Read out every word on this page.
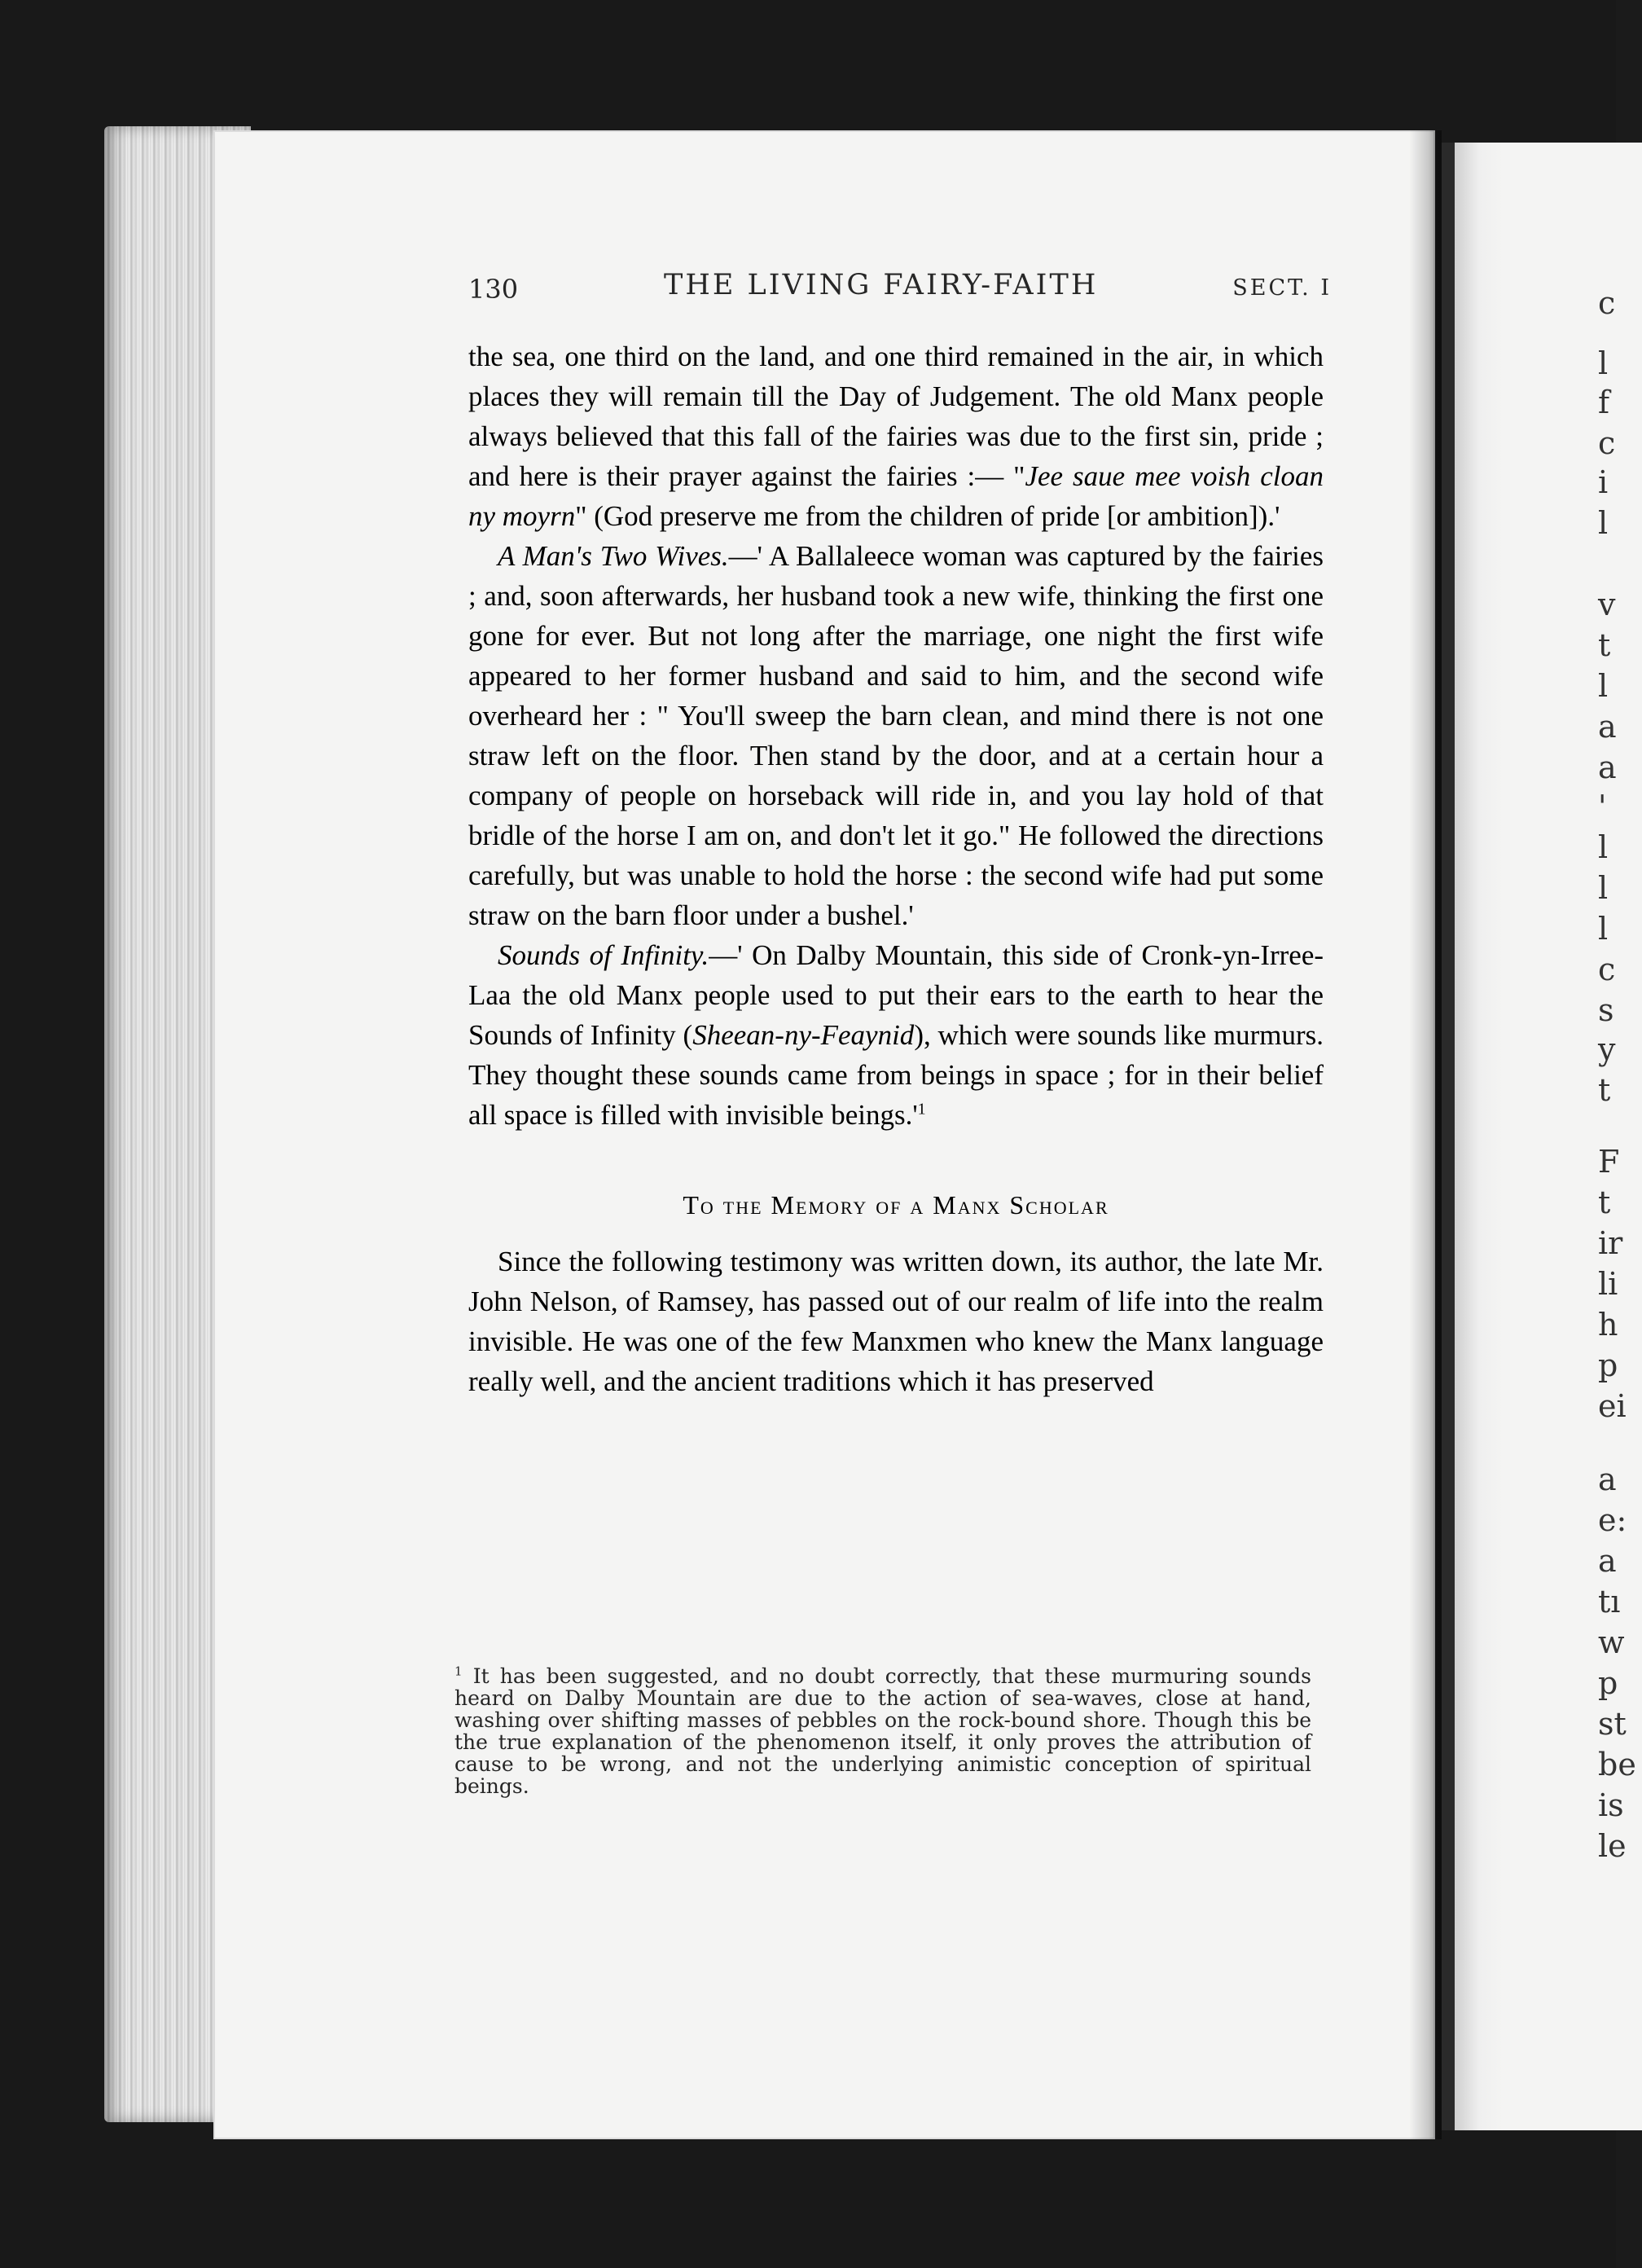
c
l
f
c
i
l
v
t
l
a
a
'
l
l
l
c
s
y
t
F
t
ir
li
h
p
ei
a
e:
a
tı
w
p
st
be
is
le
130	THE LIVING FAIRY-FAITH	SECT. I

the sea, one third on the land, and one third remained in the air, in which places they will remain till the Day of Judgement. The old Manx people always believed that this fall of the fairies was due to the first sin, pride ; and here is their prayer against the fairies :— "Jee saue mee voish cloan ny moyrn" (God preserve me from the children of pride [or ambition]).'

A Man's Two Wives.—' A Ballaleece woman was captured by the fairies ; and, soon afterwards, her husband took a new wife, thinking the first one gone for ever. But not long after the marriage, one night the first wife appeared to her former husband and said to him, and the second wife overheard her : " You'll sweep the barn clean, and mind there is not one straw left on the floor. Then stand by the door, and at a certain hour a company of people on horseback will ride in, and you lay hold of that bridle of the horse I am on, and don't let it go." He followed the directions carefully, but was unable to hold the horse : the second wife had put some straw on the barn floor under a bushel.'

Sounds of Infinity.—' On Dalby Mountain, this side of Cronk-yn-Irree-Laa the old Manx people used to put their ears to the earth to hear the Sounds of Infinity (Sheean-ny-Feaynid), which were sounds like murmurs. They thought these sounds came from beings in space ; for in their belief all space is filled with invisible $beings.'^1$

To the Memory of a Manx Scholar

Since the following testimony was written down, its author, the late Mr. John Nelson, of Ramsey, has passed out of our realm of life into the realm invisible. He was one of the few Manxmen who knew the Manx language really well, and the ancient traditions which it has preserved

$^1$ It has been suggested, and no doubt correctly, that these murmuring sounds heard on Dalby Mountain are due to the action of sea-waves, close at hand, washing over shifting masses of pebbles on the rock-bound shore. Though this be the true explanation of the phenomenon itself, it only proves the attribution of cause to be wrong, and not the underlying animistic conception of spiritual beings.
